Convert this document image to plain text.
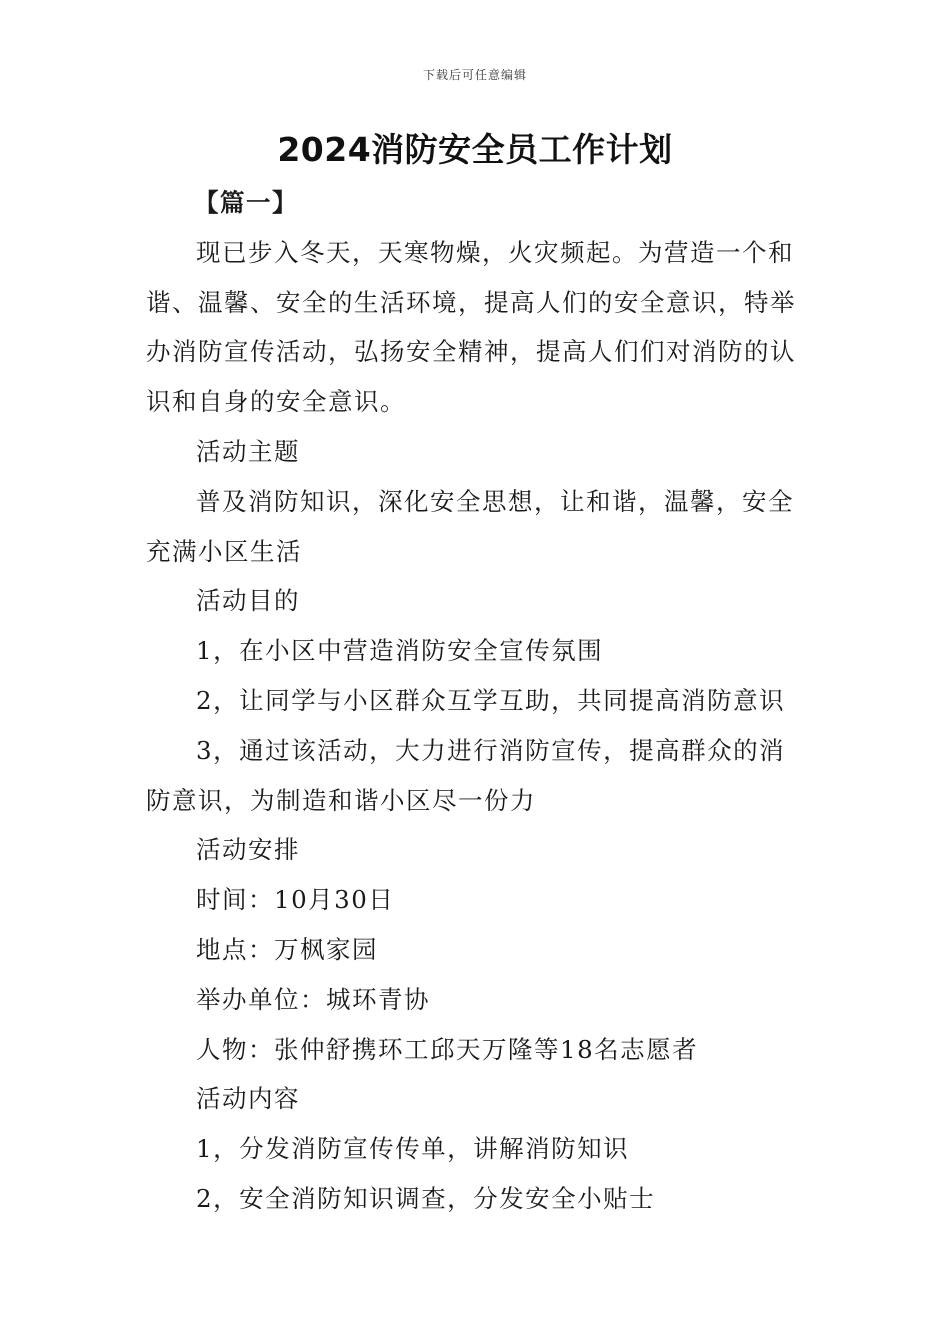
下载后可任意编辑
2024消防安全员工作计划

【篇一】

现已步入冬天，天寒物燥，火灾频起。为营造一个和谐、温馨、安全的生活环境，提高人们的安全意识，特举办消防宣传活动，弘扬安全精神，提高人们们对消防的认识和自身的安全意识。

活动主题

普及消防知识，深化安全思想，让和谐，温馨，安全充满小区生活

活动目的

1，在小区中营造消防安全宣传氛围

2，让同学与小区群众互学互助，共同提高消防意识

3，通过该活动，大力进行消防宣传，提高群众的消防意识，为制造和谐小区尽一份力

活动安排

时间：10月30日

地点：万枫家园

举办单位：城环青协

人物：张仲舒携环工邱天万隆等18名志愿者

活动内容

1，分发消防宣传传单，讲解消防知识

2，安全消防知识调查，分发安全小贴士
